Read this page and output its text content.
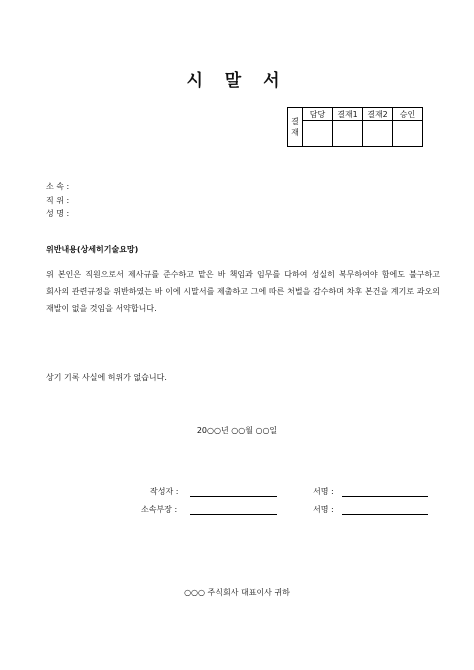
시 말 서
결
재	담당	결재1	결재2	승인

소 속 :
직 위 :
성 명 :
위반내용(상세히기술요망)
위 본인은 직원으로서 제사규를 준수하고 맡은 바 책임과 임무를 다하여 성실히 복무하여야 함에도 불구하고 회사의 관련규정을 위반하였는 바 이에 시말서를 제출하고 그에 따른 처벌을 감수하며 차후 본건을 계기로 과오의 재발이 없을 것임을 서약합니다.
상기 기록 사실에 허위가 없습니다.
20○○년 ○○월 ○○일
작성자 :	서명 :
소속부장 :	서명 :
○○○ 주식회사 대표이사 귀하
